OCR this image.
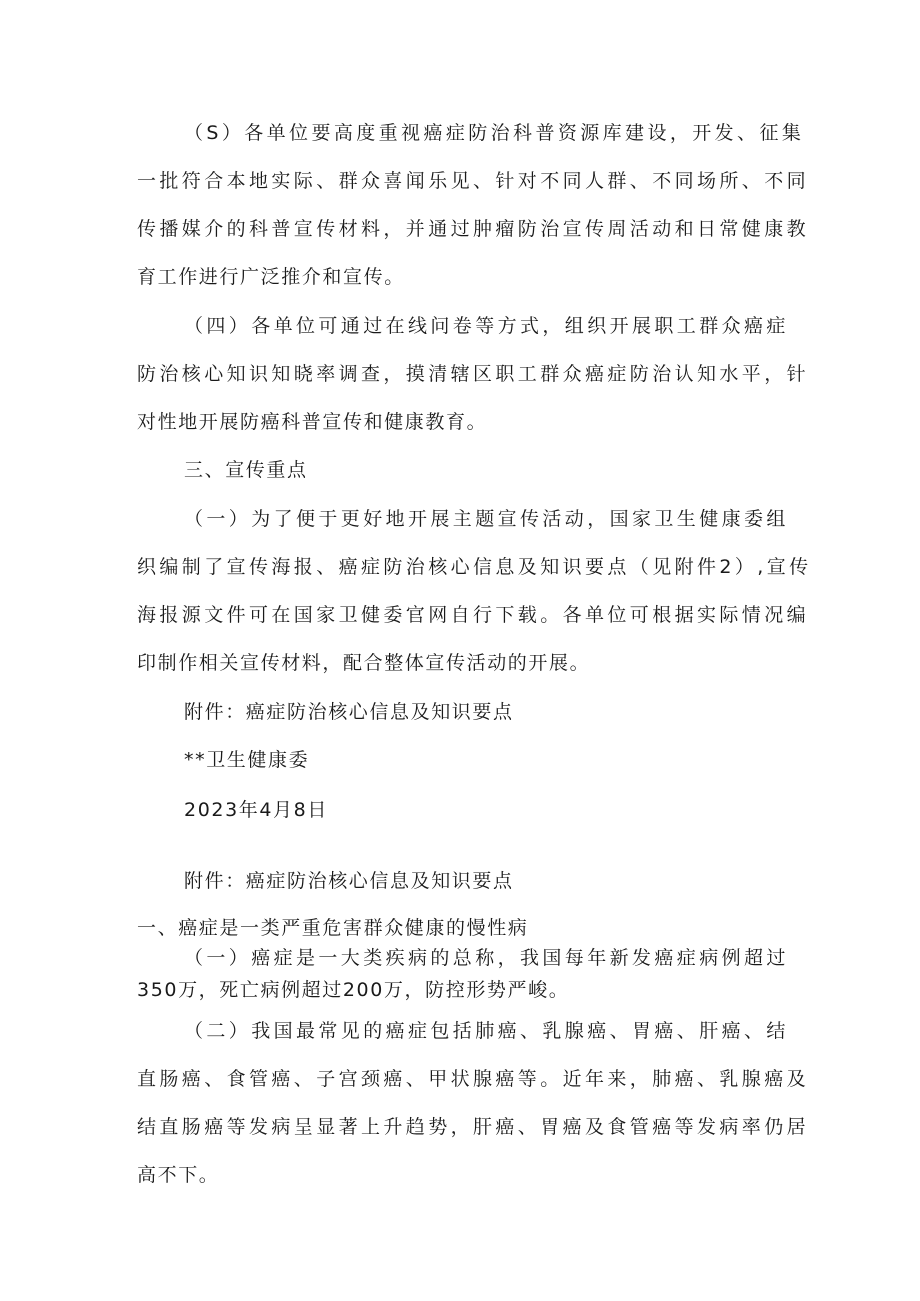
（S）各单位要高度重视癌症防治科普资源库建设，开发、征集
一批符合本地实际、群众喜闻乐见、针对不同人群、不同场所、不同
传播媒介的科普宣传材料，并通过肿瘤防治宣传周活动和日常健康教
育工作进行广泛推介和宣传。
（四）各单位可通过在线问卷等方式，组织开展职工群众癌症
防治核心知识知晓率调查，摸清辖区职工群众癌症防治认知水平，针
对性地开展防癌科普宣传和健康教育。
三、宣传重点
（一）为了便于更好地开展主题宣传活动，国家卫生健康委组
织编制了宣传海报、癌症防治核心信息及知识要点（见附件2）,宣传
海报源文件可在国家卫健委官网自行下载。各单位可根据实际情况编
印制作相关宣传材料，配合整体宣传活动的开展。
附件：癌症防治核心信息及知识要点
**卫生健康委
2023年4月8日
附件：癌症防治核心信息及知识要点
一、癌症是一类严重危害群众健康的慢性病
（一）癌症是一大类疾病的总称，我国每年新发癌症病例超过
350万，死亡病例超过200万，防控形势严峻。
（二）我国最常见的癌症包括肺癌、乳腺癌、胃癌、肝癌、结
直肠癌、食管癌、子宫颈癌、甲状腺癌等。近年来，肺癌、乳腺癌及
结直肠癌等发病呈显著上升趋势，肝癌、胃癌及食管癌等发病率仍居
高不下。
